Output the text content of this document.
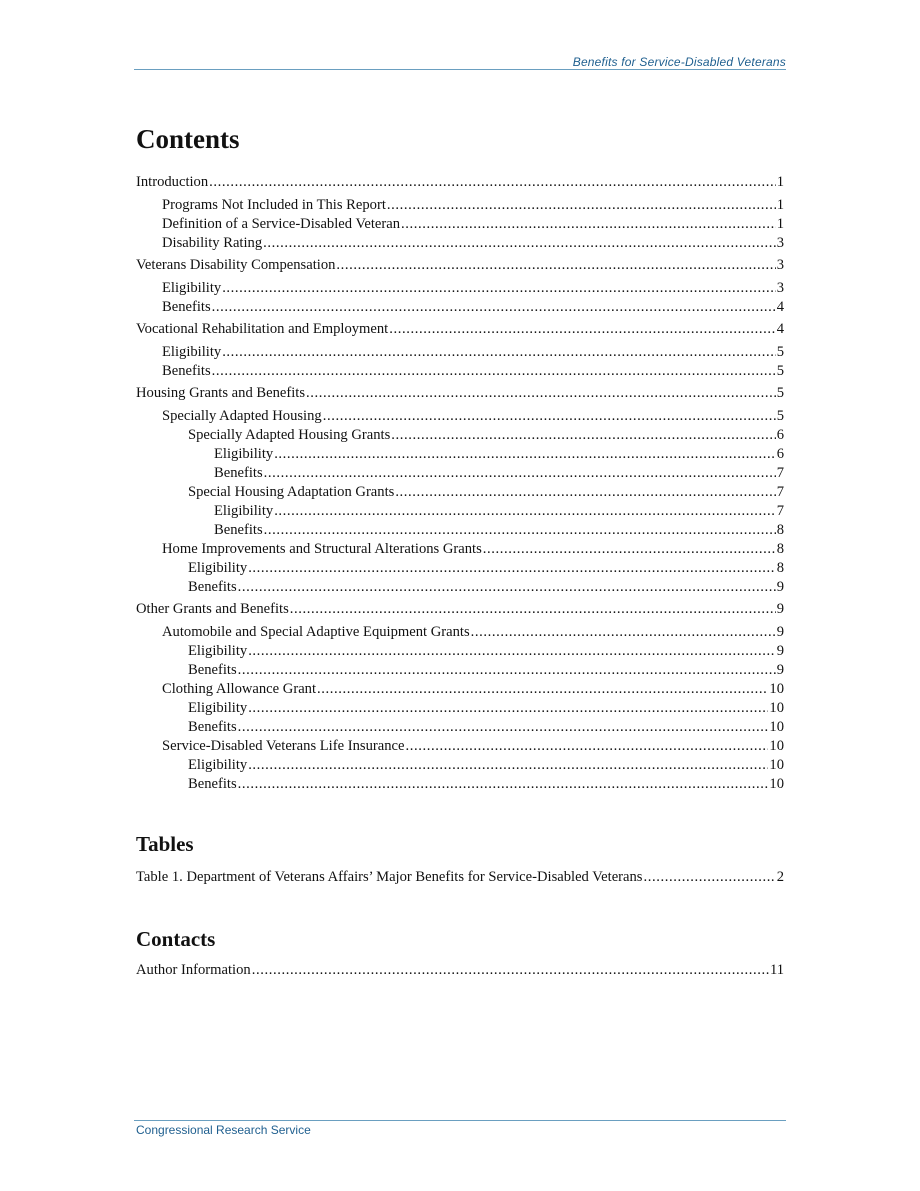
Benefits for Service-Disabled Veterans
Contents
Introduction .....	1
Programs Not Included in This Report .....	1
Definition of a Service-Disabled Veteran .....	1
Disability Rating .....	3
Veterans Disability Compensation .....	3
Eligibility .....	3
Benefits .....	4
Vocational Rehabilitation and Employment .....	4
Eligibility .....	5
Benefits .....	5
Housing Grants and Benefits .....	5
Specially Adapted Housing .....	5
Specially Adapted Housing Grants .....	6
Eligibility .....	6
Benefits .....	7
Special Housing Adaptation Grants .....	7
Eligibility .....	7
Benefits .....	8
Home Improvements and Structural Alterations Grants .....	8
Eligibility .....	8
Benefits .....	9
Other Grants and Benefits .....	9
Automobile and Special Adaptive Equipment Grants .....	9
Eligibility .....	9
Benefits .....	9
Clothing Allowance Grant .....	10
Eligibility .....	10
Benefits .....	10
Service-Disabled Veterans Life Insurance .....	10
Eligibility .....	10
Benefits .....	10
Tables
Table 1. Department of Veterans Affairs’ Major Benefits for Service-Disabled Veterans .....	2
Contacts
Author Information .....	11
Congressional Research Service
